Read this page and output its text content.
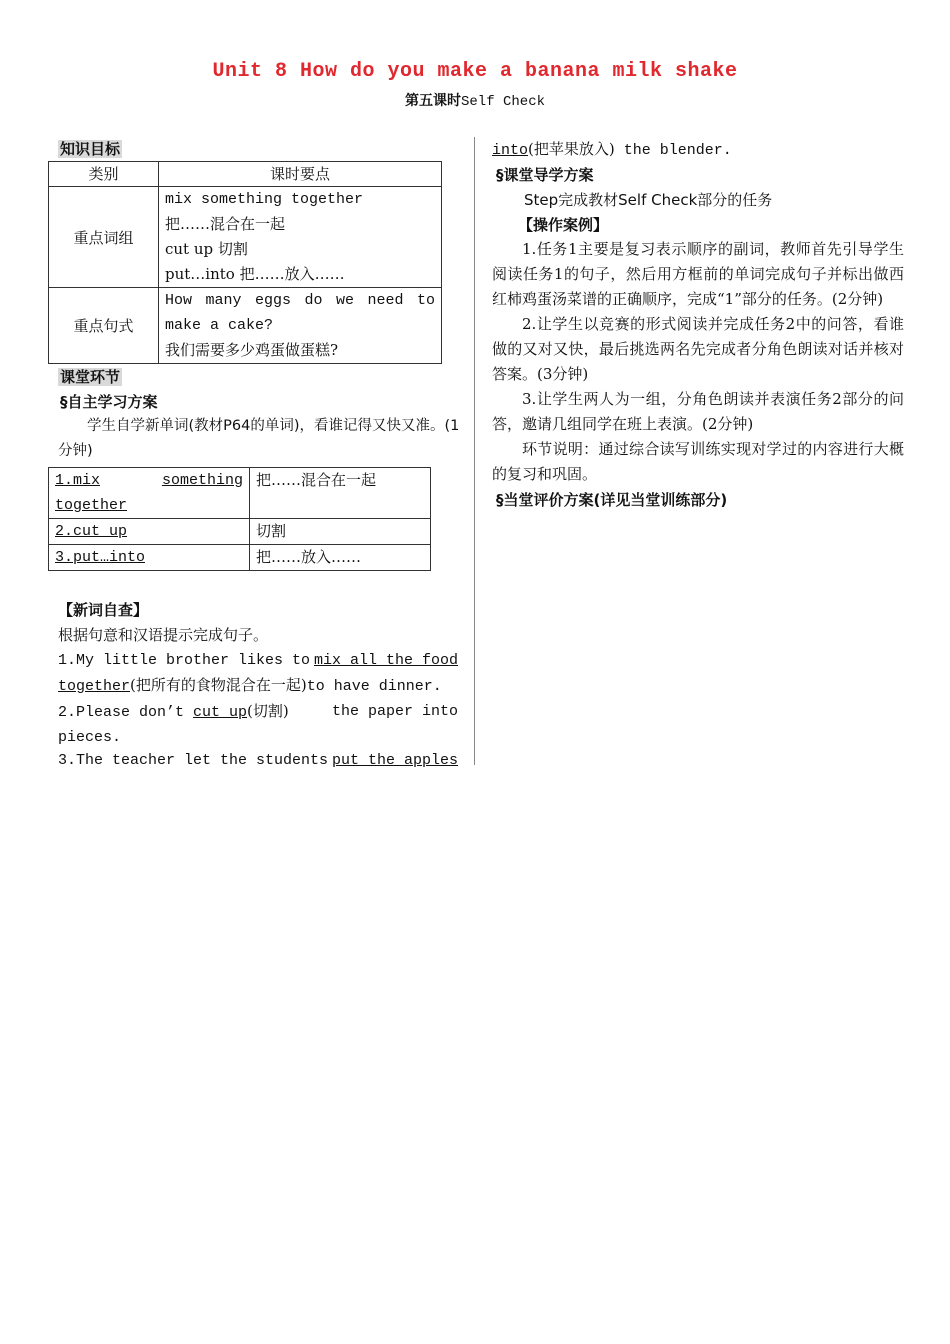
Unit 8 How do you make a banana milk shake
第五课时Self Check
知识目标
类别	课时要点
重点词组	mix something together
把……混合在一起
cut up 切割
put…into 把……放入……

重点句式	How many eggs do we need to
make a cake?
我们需要多少鸡蛋做蛋糕?
课堂环节
§自主学习方案
学生自学新单词(教材P64的单词)，看谁记得又快又准。(1分钟)
1.mix something
together	把……混合在一起
2.cut up	切割
3.put…into	把……放入……
【新词自查】
根据句意和汉语提示完成句子。
1.My little brother likes to mix all the food
together(把所有的食物混合在一起)to have dinner.
2.Please don’t cut up(切割)	the paper into
pieces.
3.The teacher let the students put the apples
into(把苹果放入) the blender.
§课堂导学方案
Step完成教材Self Check部分的任务
【操作案例】
1.任务1主要是复习表示顺序的副词，教师首先引导学生阅读任务1的句子，然后用方框前的单词完成句子并标出做西红柿鸡蛋汤菜谱的正确顺序，完成“1”部分的任务。(2分钟)
2.让学生以竞赛的形式阅读并完成任务2中的问答，看谁做的又对又快，最后挑选两名先完成者分角色朗读对话并核对答案。(3分钟)
3.让学生两人为一组，分角色朗读并表演任务2部分的问答，邀请几组同学在班上表演。(2分钟)
环节说明：通过综合读写训练实现对学过的内容进行大概的复习和巩固。
§当堂评价方案(详见当堂训练部分)
